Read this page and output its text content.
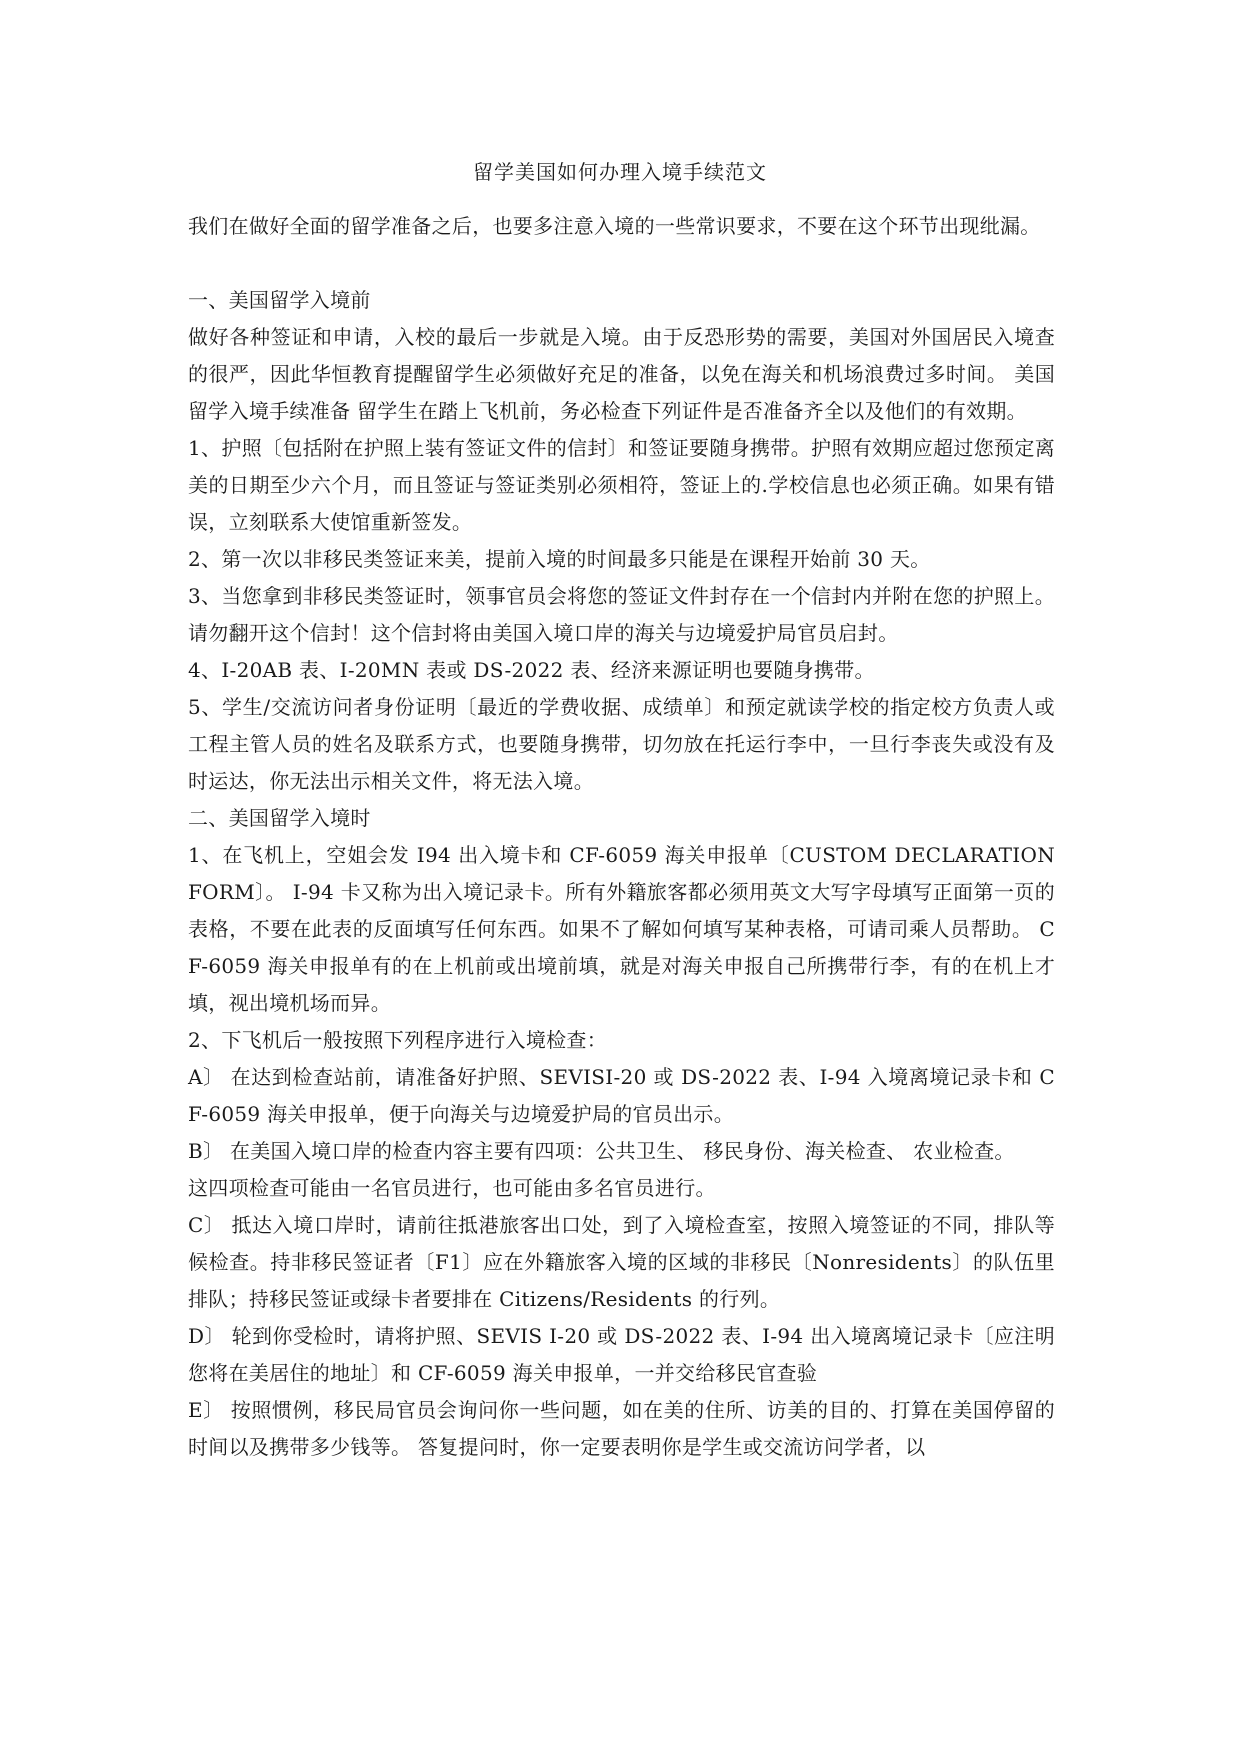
留学美国如何办理入境手续范文

我们在做好全面的留学准备之后，也要多注意入境的一些常识要求，不要在这个环节出现纰漏。

一、美国留学入境前

做好各种签证和申请，入校的最后一步就是入境。由于反恐形势的需要，美国对外国居民入境查的很严，因此华恒教育提醒留学生必须做好充足的准备，以免在海关和机场浪费过多时间。 美国留学入境手续准备 留学生在踏上飞机前，务必检查下列证件是否准备齐全以及他们的有效期。

1、护照〔包括附在护照上装有签证文件的信封〕和签证要随身携带。护照有效期应超过您预定离美的日期至少六个月，而且签证与签证类别必须相符，签证上的.学校信息也必须正确。如果有错误，立刻联系大使馆重新签发。

2、第一次以非移民类签证来美，提前入境的时间最多只能是在课程开始前 30 天。

3、当您拿到非移民类签证时，领事官员会将您的签证文件封存在一个信封内并附在您的护照上。请勿翻开这个信封！这个信封将由美国入境口岸的海关与边境爱护局官员启封。

4、I-20AB 表、I-20MN 表或 DS-2022 表、经济来源证明也要随身携带。

5、学生/交流访问者身份证明〔最近的学费收据、成绩单〕和预定就读学校的指定校方负责人或工程主管人员的姓名及联系方式，也要随身携带，切勿放在托运行李中，一旦行李丧失或没有及时运达，你无法出示相关文件，将无法入境。

二、美国留学入境时

1、在飞机上，空姐会发 I94 出入境卡和 CF-6059 海关申报单〔CUSTOM DECLARATION FORM〕。 I-94 卡又称为出入境记录卡。所有外籍旅客都必须用英文大写字母填写正面第一页的表格，不要在此表的反面填写任何东西。如果不了解如何填写某种表格，可请司乘人员帮助。 CF-6059 海关申报单有的在上机前或出境前填，就是对海关申报自己所携带行李，有的在机上才填，视出境机场而异。

2、下飞机后一般按照下列程序进行入境检查：

A〕 在达到检查站前，请准备好护照、SEVISI-20 或 DS-2022 表、I-94 入境离境记录卡和 CF-6059 海关申报单，便于向海关与边境爱护局的官员出示。

B〕 在美国入境口岸的检查内容主要有四项：公共卫生、 移民身份、海关检查、 农业检查。

这四项检查可能由一名官员进行，也可能由多名官员进行。

C〕 抵达入境口岸时，请前往抵港旅客出口处，到了入境检查室，按照入境签证的不同，排队等候检查。持非移民签证者〔F1〕应在外籍旅客入境的区域的非移民〔Nonresidents〕的队伍里排队；持移民签证或绿卡者要排在 Citizens/Residents 的行列。

D〕 轮到你受检时，请将护照、SEVIS I-20 或 DS-2022 表、I-94 出入境离境记录卡〔应注明您将在美居住的地址〕和 CF-6059 海关申报单，一并交给移民官查验

E〕 按照惯例，移民局官员会询问你一些问题，如在美的住所、访美的目的、打算在美国停留的时间以及携带多少钱等。 答复提问时，你一定要表明你是学生或交流访问学者，以
